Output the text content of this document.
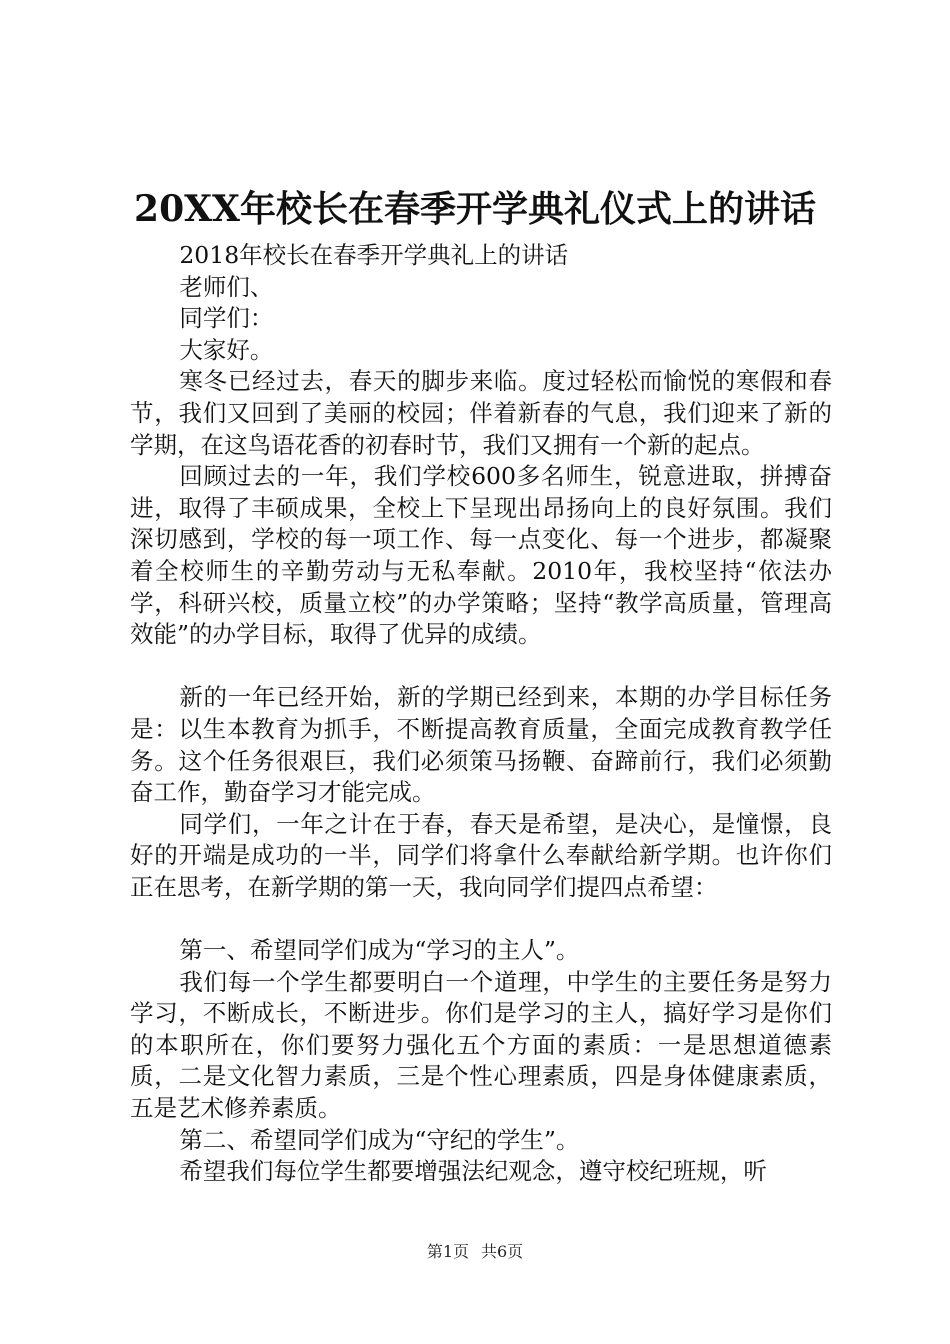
20XX年校长在春季开学典礼仪式上的讲话

2018年校长在春季开学典礼上的讲话

老师们、

同学们：

大家好。

寒冬已经过去，春天的脚步来临。度过轻松而愉悦的寒假和春节，我们又回到了美丽的校园；伴着新春的气息，我们迎来了新的学期，在这鸟语花香的初春时节，我们又拥有一个新的起点。

回顾过去的一年，我们学校600多名师生，锐意进取，拼搏奋进，取得了丰硕成果，全校上下呈现出昂扬向上的良好氛围。我们深切感到，学校的每一项工作、每一点变化、每一个进步，都凝聚着全校师生的辛勤劳动与无私奉献。2010年，我校坚持“依法办学，科研兴校，质量立校”的办学策略；坚持“教学高质量，管理高效能”的办学目标，取得了优异的成绩。

新的一年已经开始，新的学期已经到来，本期的办学目标任务是：以生本教育为抓手，不断提高教育质量，全面完成教育教学任务。这个任务很艰巨，我们必须策马扬鞭、奋蹄前行，我们必须勤奋工作，勤奋学习才能完成。

同学们，一年之计在于春，春天是希望，是决心，是憧憬，良好的开端是成功的一半，同学们将拿什么奉献给新学期。也许你们正在思考，在新学期的第一天，我向同学们提四点希望：

第一、希望同学们成为“学习的主人”。

我们每一个学生都要明白一个道理，中学生的主要任务是努力学习，不断成长，不断进步。你们是学习的主人，搞好学习是你们的本职所在，你们要努力强化五个方面的素质：一是思想道德素质，二是文化智力素质，三是个性心理素质，四是身体健康素质，五是艺术修养素质。

第二、希望同学们成为“守纪的学生”。

希望我们每位学生都要增强法纪观念，遵守校纪班规，听

第1页 共6页
